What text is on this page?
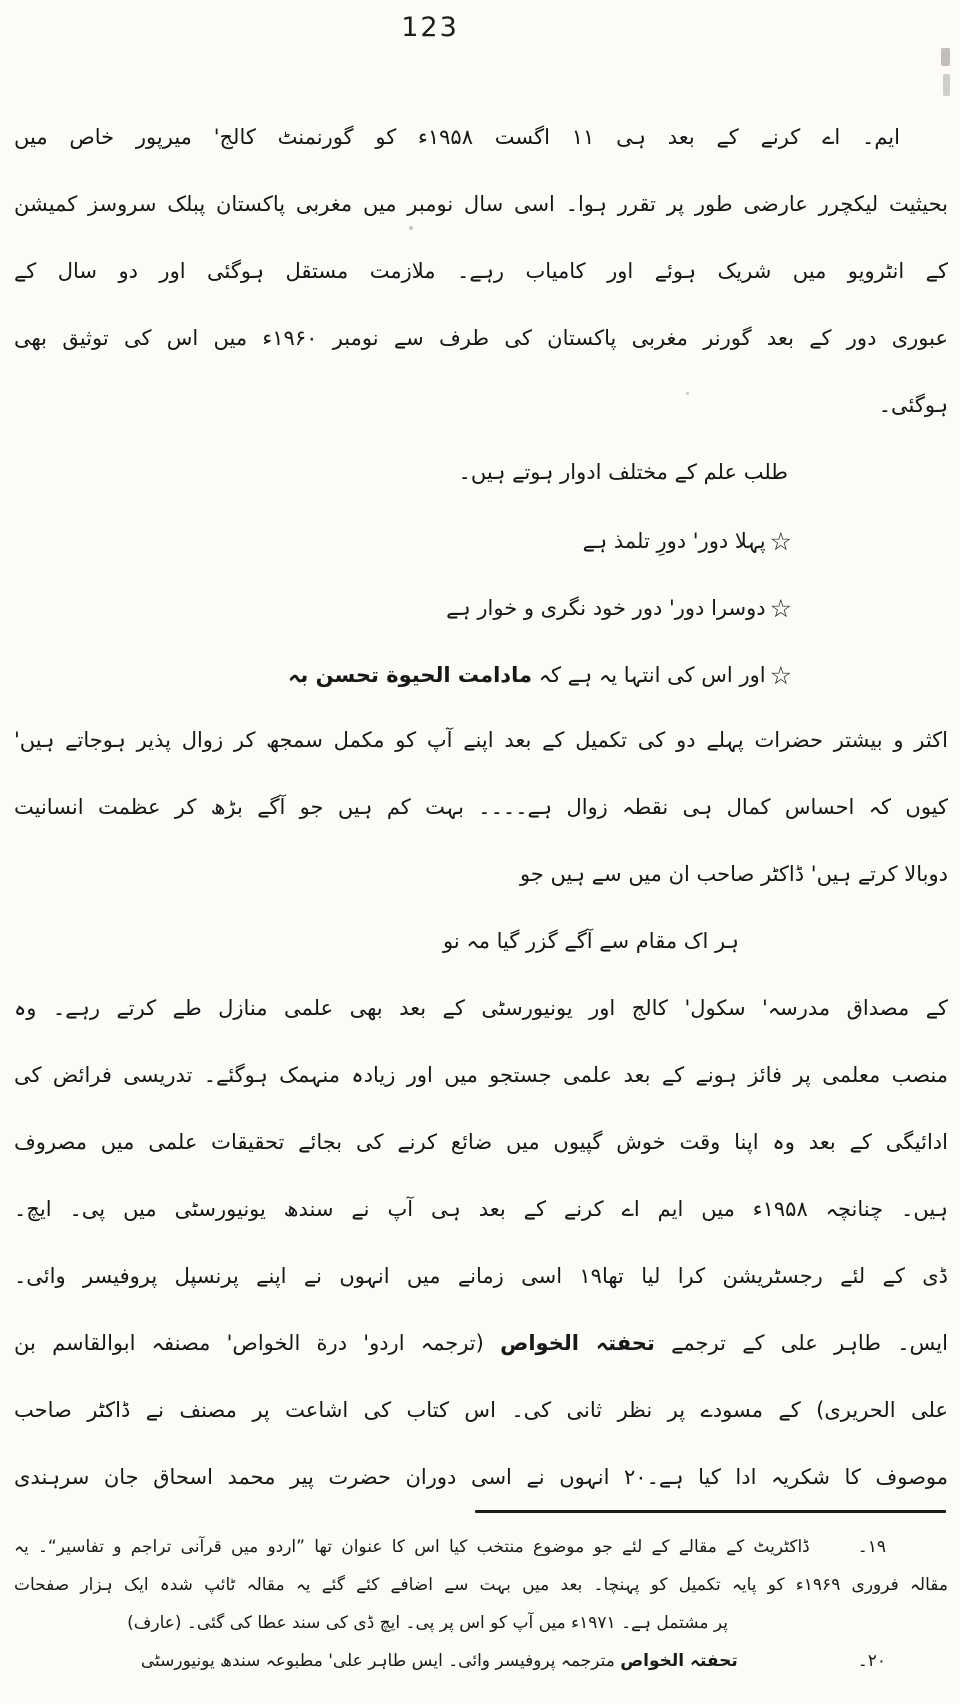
123
ایم۔ اے کرنے کے بعد ہی ۱۱ اگست ۱۹۵۸ء کو گورنمنٹ کالج' میرپور خاص میں
بحیثیت لیکچرر عارضی طور پر تقرر ہوا۔ اسی سال نومبر میں مغربی پاکستان پبلک سروسز کمیشن
کے انٹرویو میں شریک ہوئے اور کامیاب رہے۔ ملازمت مستقل ہوگئی اور دو سال کے
عبوری دور کے بعد گورنر مغربی پاکستان کی طرف سے نومبر ۱۹۶۰ء میں اس کی توثیق بھی
ہوگئی۔
طلب علم کے مختلف ادوار ہوتے ہیں۔
☆پہلا دور' دورِ تلمذ ہے
☆دوسرا دور' دور خود نگری و خوار ہے
☆اور اس کی انتہا یہ ہے کہ مادامت الحیوة تحسن بہ
اکثر و بیشتر حضرات پہلے دو کی تکمیل کے بعد اپنے آپ کو مکمل سمجھ کر زوال پذیر ہوجاتے ہیں'
کیوں کہ احساس کمال ہی نقطہ زوال ہے۔۔۔۔ بہت کم ہیں جو آگے بڑھ کر عظمت انسانیت
دوبالا کرتے ہیں' ڈاکٹر صاحب ان میں سے ہیں جو
ہر اک مقام سے آگے گزر گیا مہ نو
کے مصداق مدرسہ' سکول' کالج اور یونیورسٹی کے بعد بھی علمی منازل طے کرتے رہے۔ وہ
منصب معلمی پر فائز ہونے کے بعد علمی جستجو میں اور زیادہ منہمک ہوگئے۔ تدریسی فرائض کی
ادائیگی کے بعد وہ اپنا وقت خوش گپیوں میں ضائع کرنے کی بجائے تحقیقات علمی میں مصروف
ہیں۔ چنانچہ ۱۹۵۸ء میں ایم اے کرنے کے بعد ہی آپ نے سندھ یونیورسٹی میں پی۔ ایچ۔
ڈی کے لئے رجسٹریشن کرا لیا تھا۱۹ اسی زمانے میں انہوں نے اپنے پرنسپل پروفیسر وائی۔
ایس۔ طاہر علی کے ترجمے تحفتہ الخواص (ترجمہ اردو' درة الخواص' مصنفہ ابوالقاسم بن
علی الحریری) کے مسودے پر نظر ثانی کی۔ اس کتاب کی اشاعت پر مصنف نے ڈاکٹر صاحب
موصوف کا شکریہ ادا کیا ہے۔۲۰ انہوں نے اسی دوران حضرت پیر محمد اسحاق جان سرہندی
۱۹۔ڈاکٹریٹ کے مقالے کے لئے جو موضوع منتخب کیا اس کا عنوان تھا ”اردو میں قرآنی تراجم و تفاسیر“۔ یہ
مقالہ فروری ۱۹۶۹ء کو پایہ تکمیل کو پہنچا۔ بعد میں بہت سے اضافے کئے گئے یہ مقالہ ٹائپ شدہ ایک ہزار صفحات
پر مشتمل ہے۔ ۱۹۷۱ء میں آپ کو اس پر پی۔ ایچ ڈی کی سند عطا کی گئی۔ (عارف)
۲۰۔تحفتہ الخواص مترجمہ پروفیسر وائی۔ ایس طاہر علی' مطبوعہ سندھ یونیورسٹی
